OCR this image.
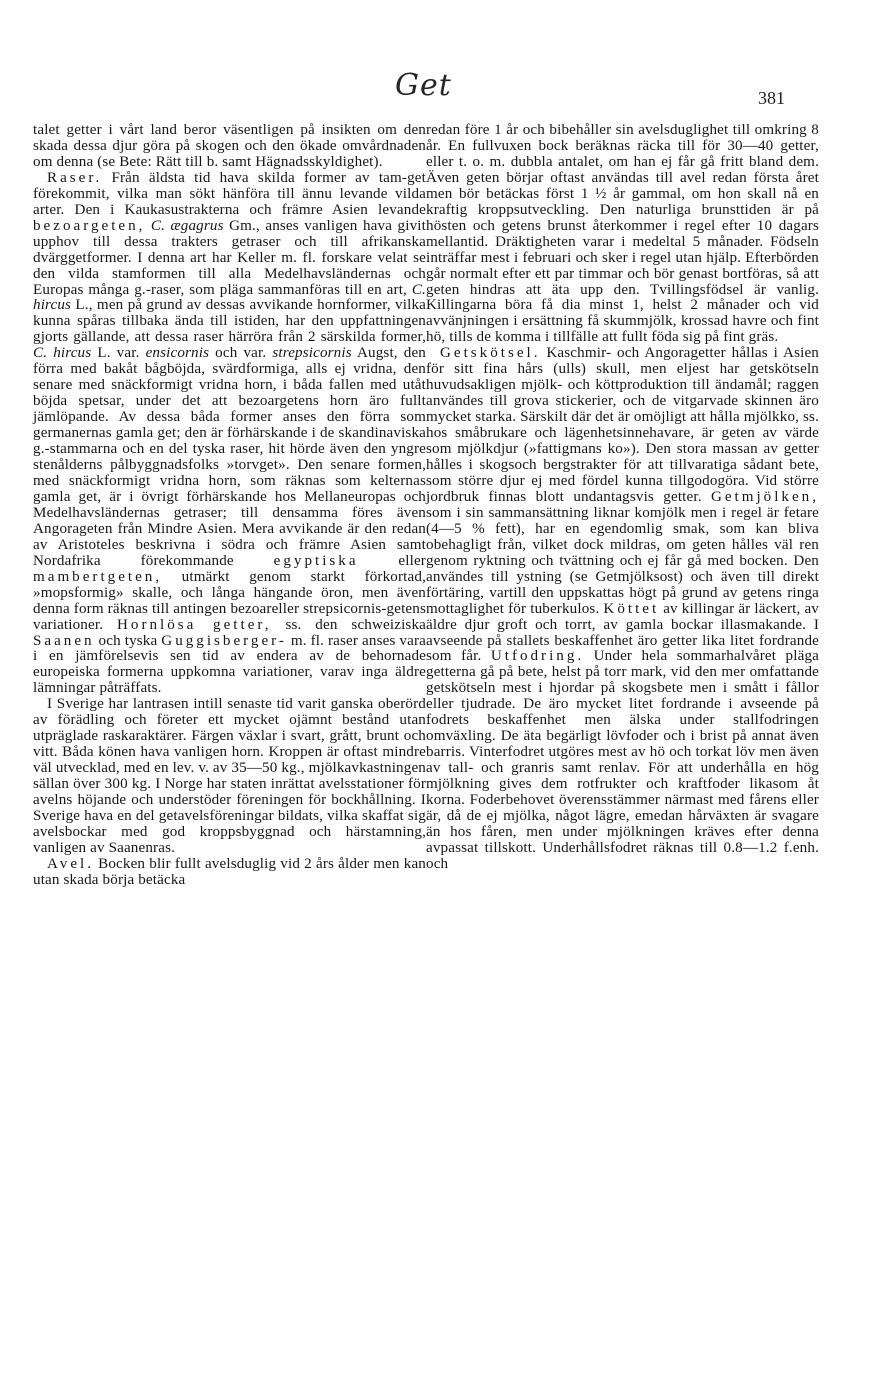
Get	381

talet getter i vårt land beror väsentligen på insikten om den skada dessa djur göra på skogen och den ökade omvårdnaden om denna (se Bete: Rätt till b. samt Hägnadsskyldighet).

Raser. Från äldsta tid hava skilda former av tam-get förekommit, vilka man sökt hänföra till ännu levande vilda arter. Den i Kaukasustrakterna och främre Asien levande bezoargeten, C. ægagrus Gm., anses vanligen hava givit upphov till dessa trakters getraser och till afrikanska dvärggetformer. I denna art har Keller m. fl. forskare velat se den vilda stamformen till alla Medelhavsländernas och Europas många g.-raser, som pläga sammanföras till en art, C. hircus L., men på grund av dessas avvikande hornformer, vilka kunna spåras tillbaka ända till istiden, har den uppfattningen gjorts gällande, att dessa raser härröra från 2 särskilda former, C. hircus L. var. ensicornis och var. strepsicornis Augst, den förra med bakåt bågböjda, svärdformiga, alls ej vridna, den senare med snäckformigt vridna horn, i båda fallen med utåt böjda spetsar, under det att bezoargetens horn äro fullt jämlöpande. Av dessa båda former anses den förra som germanernas gamla get; den är förhärskande i de skandinaviska g.-stammarna och en del tyska raser, hit hörde även den yngre stenålderns pålbyggnadsfolks »torvget». Den senare formen, med snäckformigt vridna horn, som räknas som kelternas gamla get, är i övrigt förhärskande hos Mellaneuropas och Medelhavsländernas getraser; till densamma föres även Angorageten från Mindre Asien. Mera avvikande är den redan av Aristoteles beskrivna i södra och främre Asien samt Nordafrika förekommande egyptiska eller mambertgeten, utmärkt genom starkt förkortad, »mopsformig» skalle, och långa hängande öron, men även denna form räknas till antingen bezoareller strepsicornis-getens variationer. Hornlösa getter, ss. den schweiziska Saanen och tyska Guggisberger- m. fl. raser anses vara i en jämförelsevis sen tid av endera av de behornade europeiska formerna uppkomna variationer, varav inga äldre lämningar påträffats.

I Sverige har lantrasen intill senaste tid varit ganska oberörd av förädling och företer ett mycket ojämnt bestånd utan utpräglade raskaraktärer. Färgen växlar i svart, grått, brunt och vitt. Båda könen hava vanligen horn. Kroppen är oftast mindre väl utvecklad, med en lev. v. av 35—50 kg., mjölkavkastningen sällan över 300 kg. I Norge har staten inrättat avelsstationer för avelns höjande och understöder föreningen för bockhållning. I Sverige hava en del getavelsföreningar bildats, vilka skaffat sig avelsbockar med god kroppsbyggnad och härstamning, vanligen av Saanenras.

Avel. Bocken blir fullt avelsduglig vid 2 års ålder men kan utan skada börja betäcka

redan före 1 år och bibehåller sin avelsduglighet till omkring 8 år. En fullvuxen bock beräknas räcka till för 30—40 getter, eller t. o. m. dubbla antalet, om han ej får gå fritt bland dem. Även geten börjar oftast användas till avel redan första året men bör betäckas först 1 ½ år gammal, om hon skall nå en kraftig kroppsutveckling. Den naturliga brunsttiden är på hösten och getens brunst återkommer i regel efter 10 dagars mellantid. Dräktigheten varar i medeltal 5 månader. Födseln inträffar mest i februari och sker i regel utan hjälp. Efterbörden går normalt efter ett par timmar och bör genast bortföras, så att geten hindras att äta upp den. Tvillingsfödsel är vanlig. Killingarna böra få dia minst 1, helst 2 månader och vid avvänjningen i ersättning få skummjölk, krossad havre och fint hö, tills de komma i tillfälle att fullt föda sig på fint gräs.

Getskötsel. Kaschmir- och Angoragetter hållas i Asien för sitt fina hårs (ulls) skull, men eljest har getskötseln huvudsakligen mjölk- och köttproduktion till ändamål; raggen användes till grova stickerier, och de vitgarvade skinnen äro mycket starka. Särskilt där det är omöjligt att hålla mjölkko, ss. hos småbrukare och lägenhetsinnehavare, är geten av värde som mjölkdjur (»fattigmans ko»). Den stora massan av getter hålles i skogsoch bergstrakter för att tillvaratiga sådant bete, som större djur ej med fördel kunna tillgodogöra. Vid större jordbruk finnas blott undantagsvis getter. Getmjölken, som i sin sammansättning liknar komjölk men i regel är fetare (4—5 % fett), har en egendomlig smak, som kan bliva obehagligt från, vilket dock mildras, om geten hålles väl ren genom ryktning och tvättning och ej får gå med bocken. Den användes till ystning (se Getmjölksost) och även till direkt förtäring, vartill den uppskattas högt på grund av getens ringa mottaglighet för tuberkulos. Köttet av killingar är läckert, av äldre djur groft och torrt, av gamla bockar illasmakande. I avseende på stallets beskaffenhet äro getter lika litet fordrande som får. Utfodring. Under hela sommarhalvåret pläga getterna gå på bete, helst på torr mark, vid den mer omfattande getskötseln mest i hjordar på skogsbete men i smått i fållor eller tjudrade. De äro mycket litet fordrande i avseende på fodrets beskaffenhet men älska under stallfodringen omväxling. De äta begärligt lövfoder och i brist på annat även barris. Vinterfodret utgöres mest av hö och torkat löv men även av tall- och granris samt renlav. För att underhålla en hög mjölkning gives dem rotfrukter och kraftfoder likasom åt korna. Foderbehovet överensstämmer närmast med fårens eller är, då de ej mjölka, något lägre, emedan hårväxten är svagare än hos fåren, men under mjölkningen kräves efter denna avpassat tillskott. Underhållsfodret räknas till 0.8—1.2 f.enh. och
